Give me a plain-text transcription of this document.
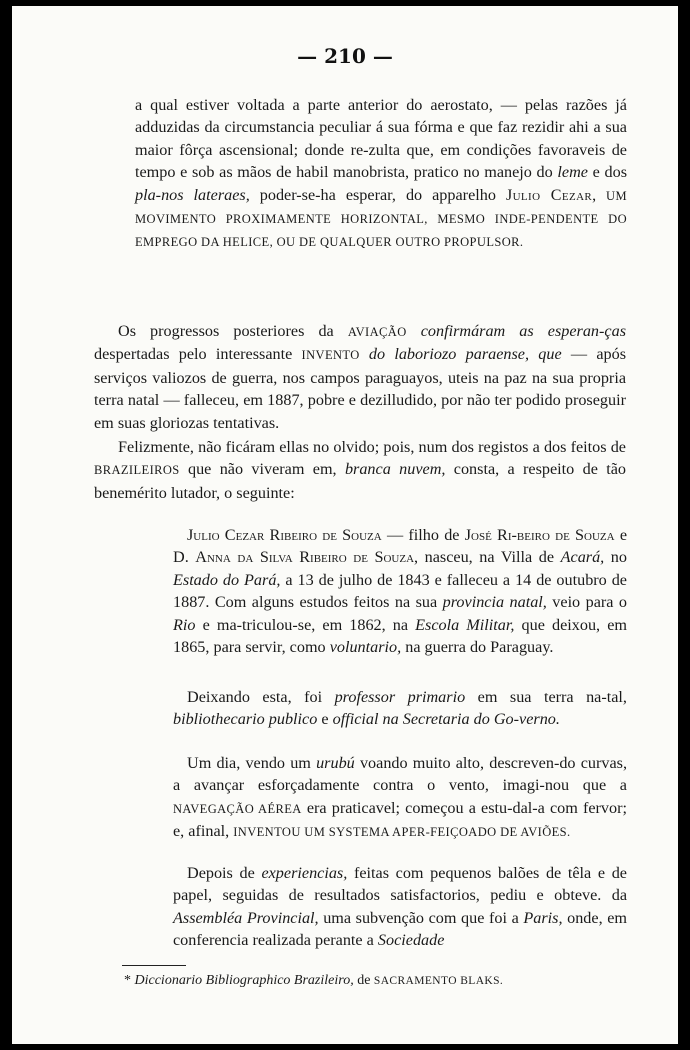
— 210 —

a qual estiver voltada a parte anterior do aerostato, — pelas razões já adduzidas da circumstancia peculiar á sua fórma e que faz rezidir ahi a sua maior fôrça ascensional; donde re-zulta que, em condições favoraveis de tempo e sob as mãos de habil manobrista, pratico no manejo do leme e dos pla-nos lateraes, poder-se-ha esperar, do apparelho Julio Cezar, UM MOVIMENTO PROXIMAMENTE HORIZONTAL, MESMO INDE-PENDENTE DO EMPREGO DA HELICE, OU DE QUALQUER OUTRO PROPULSOR.

Os progressos posteriores da AVIAÇÃO confirmáram as esperan-ças despertadas pelo interessante INVENTO do laboriozo paraense, que — após serviços valiozos de guerra, nos campos paraguayos, uteis na paz na sua propria terra natal — falleceu, em 1887, pobre e dezilludido, por não ter podido proseguir em suas gloriozas tentativas.

Felizmente, não ficáram ellas no olvido; pois, num dos registos a dos feitos de BRAZILEIROS que não viveram em, branca nuvem, consta, a respeito de tão benemérito lutador, o seguinte:

Julio Cezar Ribeiro de Souza — filho de José Ri-beiro de Souza e D. Anna da Silva Ribeiro de Souza, nasceu, na Villa de Acará, no Estado do Pará, a 13 de julho de 1843 e falleceu a 14 de outubro de 1887. Com alguns estudos feitos na sua provincia natal, veio para o Rio e ma-triculou-se, em 1862, na Escola Militar, que deixou, em 1865, para servir, como voluntario, na guerra do Paraguay.

Deixando esta, foi professor primario em sua terra na-tal, bibliothecario publico e official na Secretaria do Go-verno.

Um dia, vendo um urubú voando muito alto, descreven-do curvas, a avançar esforçadamente contra o vento, imagi-nou que a NAVEGAÇÃO AÉREA era praticavel; começou a estu-dal-a com fervor; e, afinal, INVENTOU UM SYSTEMA APER-FEIÇOADO DE AVIÕES.

Depois de experiencias, feitas com pequenos balões de têla e de papel, seguidas de resultados satisfactorios, pediu e obteve. da Assembléa Provincial, uma subvenção com que foi a Paris, onde, em conferencia realizada perante a Sociedade

* Diccionario Bibliographico Brazileiro, de SACRAMENTO BLAKS.
